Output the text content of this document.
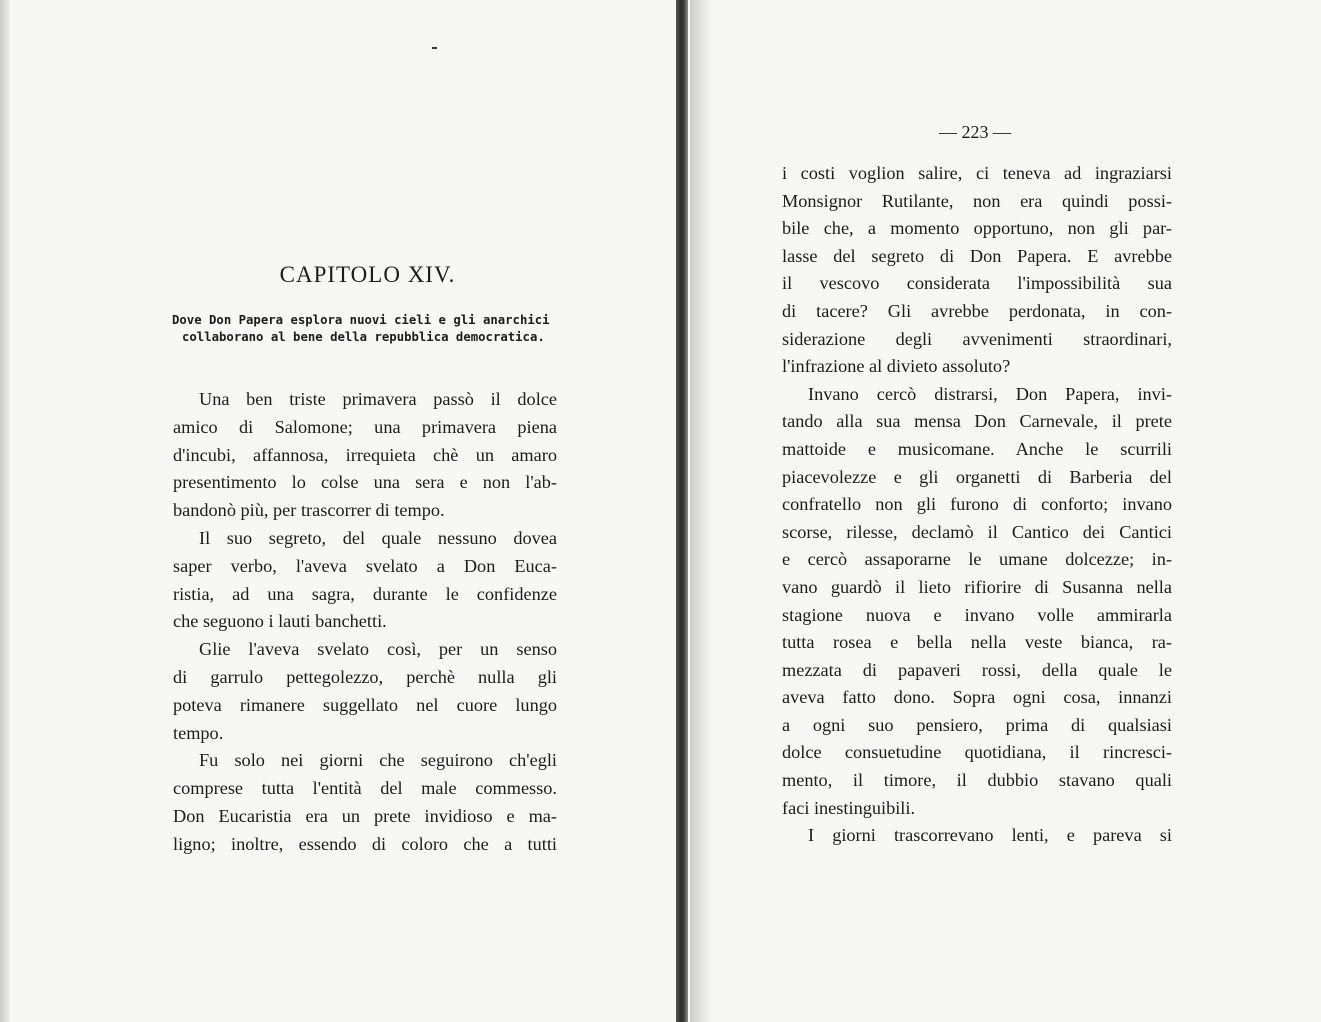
CAPITOLO XIV.
Dove Don Papera esplora nuovi cieli e gli anarchici
collaborano al bene della repubblica democratica.
Una ben triste primavera passò il dolce
amico di Salomone; una primavera piena
d'incubi, affannosa, irrequieta chè un amaro
presentimento lo colse una sera e non l'ab-
bandonò più, per trascorrer di tempo.
Il suo segreto, del quale nessuno dovea
saper verbo, l'aveva svelato a Don Euca-
ristia, ad una sagra, durante le confidenze
che seguono i lauti banchetti.
Glie l'aveva svelato così, per un senso
di garrulo pettegolezzo, perchè nulla gli
poteva rimanere suggellato nel cuore lungo
tempo.
Fu solo nei giorni che seguirono ch'egli
comprese tutta l'entità del male commesso.
Don Eucaristia era un prete invidioso e ma-
ligno; inoltre, essendo di coloro che a tutti

— 223 —

i costi voglion salire, ci teneva ad ingraziarsi
Monsignor Rutilante, non era quindi possi-
bile che, a momento opportuno, non gli par-
lasse del segreto di Don Papera. E avrebbe
il vescovo considerata l'impossibilità sua
di tacere? Gli avrebbe perdonata, in con-
siderazione degli avvenimenti straordinari,
l'infrazione al divieto assoluto?
Invano cercò distrarsi, Don Papera, invi-
tando alla sua mensa Don Carnevale, il prete
mattoide e musicomane. Anche le scurrili
piacevolezze e gli organetti di Barberia del
confratello non gli furono di conforto; invano
scorse, rilesse, declamò il Cantico dei Cantici
e cercò assaporarne le umane dolcezze; in-
vano guardò il lieto rifiorire di Susanna nella
stagione nuova e invano volle ammirarla
tutta rosea e bella nella veste bianca, ra-
mezzata di papaveri rossi, della quale le
aveva fatto dono. Sopra ogni cosa, innanzi
a ogni suo pensiero, prima di qualsiasi
dolce consuetudine quotidiana, il rincresci-
mento, il timore, il dubbio stavano quali
faci inestinguibili.
I giorni trascorrevano lenti, e pareva si
